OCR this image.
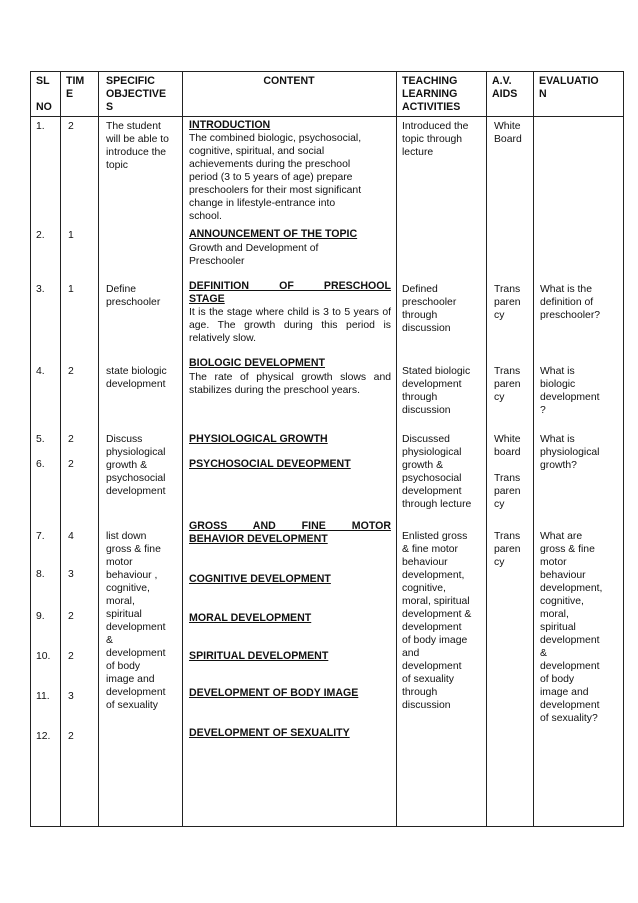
SL
NO
TIM
E
SPECIFIC
OBJECTIVE
S
CONTENT	TEACHING
LEARNING
ACTIVITIES
A.V.
AIDS
EVALUATIO
N
1.
2.
3.
4.
5.
6.
7.
8.
9.
10.
11.
12.
2
1
1
2
2
2
4
3
2
2
3
2
The student
will be able to
introduce the
topic
Define
preschooler
state biologic
development
Discuss
physiological
growth &
psychosocial
development
list down
gross & fine
motor
behaviour ,
cognitive,
moral,
spiritual
development
&
development
of body
image and
development
of sexuality
INTRODUCTION
The combined biologic, psychosocial,
cognitive, spiritual, and social
achievements during the preschool
period (3 to 5 years of age) prepare
preschoolers for their most significant
change in lifestyle-entrance into
school.
ANNOUNCEMENT OF THE TOPIC
Growth and Development of
Preschooler
DEFINITION OF PRESCHOOL
STAGE
It is the stage where child is 3 to 5 years of age. The growth during this period is relatively slow.
BIOLOGIC DEVELOPMENT
The rate of physical growth slows and stabilizes during the preschool years.
PHYSIOLOGICAL GROWTH
PSYCHOSOCIAL DEVEOPMENT
GROSS AND FINE MOTOR
BEHAVIOR DEVELOPMENT
COGNITIVE DEVELOPMENT
MORAL DEVELOPMENT
SPIRITUAL DEVELOPMENT
DEVELOPMENT OF BODY IMAGE
DEVELOPMENT OF SEXUALITY
Introduced the
topic through
lecture
Defined
preschooler
through
discussion
Stated biologic
development
through
discussion
Discussed
physiological
growth &
psychosocial
development
through lecture
Enlisted gross
& fine motor
behaviour
development,
cognitive,
moral, spiritual
development &
development
of body image
and
development
of sexuality
through
discussion
White
Board
Trans
paren
cy
Trans
paren
cy
White
board

Trans
paren
cy
Trans
paren
cy
What is the
definition of
preschooler?
What is
biologic
development
?
What is
physiological
growth?
What are
gross & fine
motor
behaviour
development,
cognitive,
moral,
spiritual
development
&
development
of body
image and
development
of sexuality?
